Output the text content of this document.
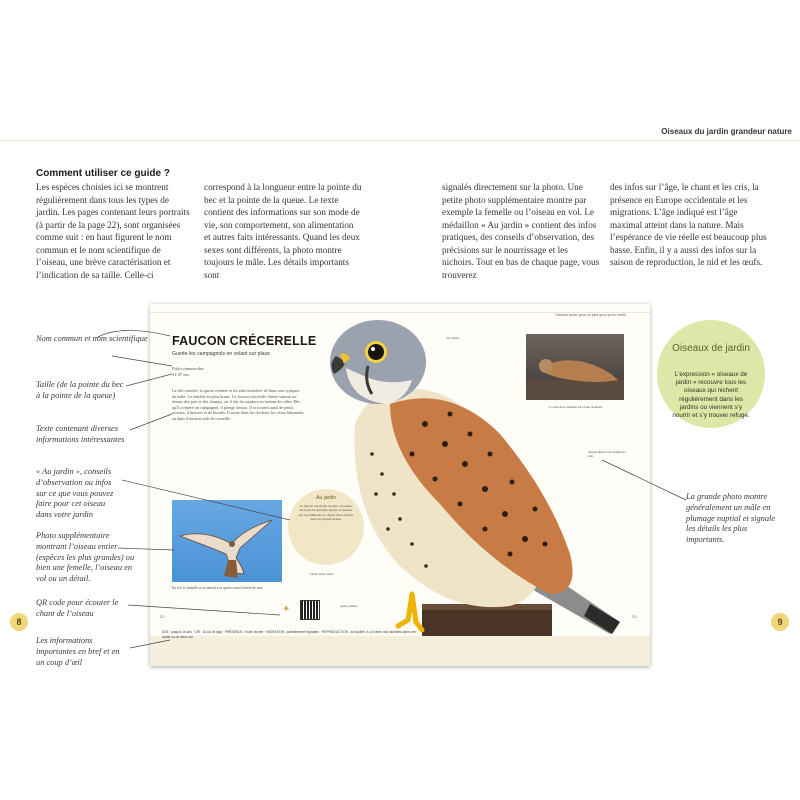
Oiseaux du jardin grandeur nature
Comment utiliser ce guide ?
Les espèces choisies ici se montrent régulièrement dans tous les types de jardin. Les pages contenant leurs portraits (à partir de la page 22), sont organisées comme suit : en haut figurent le nom commun et le nom scientifique de l’oiseau, une brève caractérisation et l’indication de sa taille. Celle-ci
correspond à la longueur entre la pointe du bec et la pointe de la queue. Le texte contient des informations sur son mode de vie, son comportement, son alimentation et autres faits intéressants. Quand les deux sexes sont différents, la photo montre toujours le mâle. Les détails importants sont
signalés directement sur la photo. Une petite photo supplémentaire montre par exemple la femelle ou l’oiseau en vol. Le médaillon « Au jardin » contient des infos pratiques, des conseils d’observation, des précisions sur le nourrissage et les nichoirs. Tout en bas de chaque page, vous trouverez
des infos sur l’âge, le chant et les cris, la présence en Europe occidentale et les migrations. L’âge indiqué est l’âge maximal atteint dans la nature. Mais l’espérance de vie réelle est beaucoup plus basse. Enfin, il y a aussi des infos sur la saison de reproduction, le nid et les œufs.
Oiseaux aussi gros ou plus gros qu'un merle
FAUCON CRÉCERELLE
Guette les campagnols en volant sur place
Falco tinnunculus
31-37 cm
La tête cendrée, la queue cendrée et les ailes tachetées de brun sont typiques du mâle. La femelle est plus brune. Le faucon crécerelle chasse surtout au-dessus des prés et des champs, où il fait du surplace en battant des ailes. Dès qu'il a repéré un campagnol, il plonge dessus. Il se nourrit aussi de petits oiseaux, d'insectes et de lézards. Il niche dans les clochers, les vieux bâtiments ou dans d'anciens nids de corneille.
En vol, la femelle se reconnaît à sa queue rousse barrée de noir.
Au jardin
Le faucon crécerelle accepte volontiers les nichoirs spéciaux placés en hauteur sur les bâtiments. Il chasse aussi parfois dans les grands jardins.
La tête de la femelle est brune tachetée.
cire jaune
dessus brun-roux tacheté de noir
bande noire nette
pattes jaunes
✦
ÂGE : jusqu'à 16 ans · CRI : ki-ki-ki-ki aigu · PRÉSENCE : toute l'année · MIGRATION : partiellement migrateur · REPRODUCTION : avril-juillet, 4 à 6 œufs roux tachetés dans une cavité ou un vieux nid
22	23
Oiseaux de jardin
L’expression « oiseaux de jardin » recouvre tous les oiseaux qui nichent régulièrement dans les jardins ou viennent s’y nourrir et s’y trouver refuge.
Nom commun et nom scientifique
Taille (de la pointe du bec à la pointe de la queue)
Texte contenant diverses informations intéressantes
« Au jardin », conseils d’observation ou infos sur ce que vous pouvez faire pour cet oiseau dans votre jardin
Photo supplémentaire montrant l’oiseau entier (espèces les plus grandes) ou bien une femelle, l’oiseau en vol ou un détail.
QR code pour écouter le chant de l’oiseau
Les informations importantes en bref et en un coup d’œil
La grande photo montre généralement un mâle en plumage nuptial et signale les détails les plus importants.
8	9
